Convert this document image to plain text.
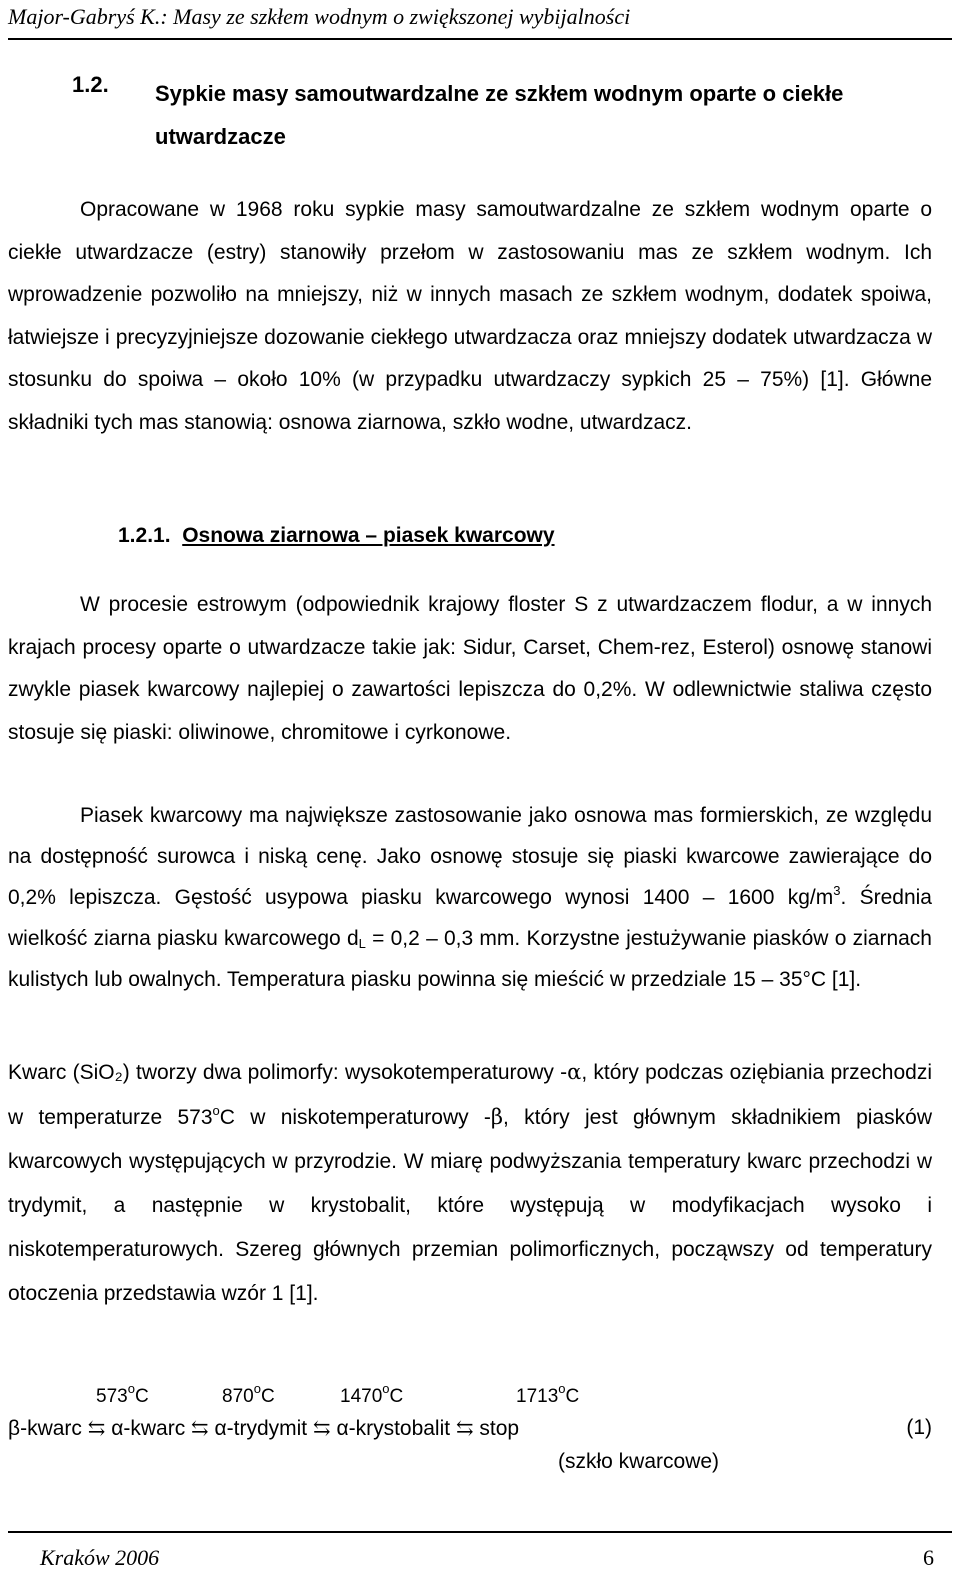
Major-Gabryś K.: Masy ze szkłem wodnym o zwiększonej wybijalności
1.2. Sypkie masy samoutwardzalne ze szkłem wodnym oparte o ciekłe utwardzacze
Opracowane w 1968 roku sypkie masy samoutwardzalne ze szkłem wodnym oparte o ciekłe utwardzacze (estry) stanowiły przełom w zastosowaniu mas ze szkłem wodnym. Ich wprowadzenie pozwoliło na mniejszy, niż w innych masach ze szkłem wodnym, dodatek spoiwa, łatwiejsze i precyzyjniejsze dozowanie ciekłego utwardzacza oraz mniejszy dodatek utwardzacza w stosunku do spoiwa – około 10% (w przypadku utwardzaczy sypkich 25 – 75%) [1]. Główne składniki tych mas stanowią: osnowa ziarnowa, szkło wodne, utwardzacz.
1.2.1. Osnowa ziarnowa – piasek kwarcowy
W procesie estrowym (odpowiednik krajowy floster S z utwardzaczem flodur, a w innych krajach procesy oparte o utwardzacze takie jak: Sidur, Carset, Chem-rez, Esterol) osnowę stanowi zwykle piasek kwarcowy najlepiej o zawartości lepiszcza do 0,2%. W odlewnictwie staliwa często stosuje się piaski: oliwinowe, chromitowe i cyrkonowe.
Piasek kwarcowy ma największe zastosowanie jako osnowa mas formierskich, ze względu na dostępność surowca i niską cenę. Jako osnowę stosuje się piaski kwarcowe zawierające do 0,2% lepiszcza. Gęstość usypowa piasku kwarcowego wynosi 1400 – 1600 $kg/m^3$. Średnia wielkość ziarna piasku kwarcowego $d_L = 0,2 - 0,3$ mm. Korzystne jestużywanie piasków o ziarnach kulistych lub owalnych. Temperatura piasku powinna się mieścić w przedziale 15 – 35°C [1].
Kwarc (SiO₂) tworzy dwa polimorfy: wysokotemperaturowy -α, który podczas oziębiania przechodzi w temperaturze 573$^o$C w niskotemperaturowy -β, który jest głównym składnikiem piasków kwarcowych występujących w przyrodzie. W miarę podwyższania temperatury kwarc przechodzi w trydymit, a następnie w krystobalit, które występują w modyfikacjach wysoko i niskotemperaturowych. Szereg głównych przemian polimorficznych, począwszy od temperatury otoczenia przedstawia wzór 1 [1].
573$^o$C	870$^o$C	1470$^o$C	1713$^o$C
β-kwarc ⇆ α-kwarc ⇆ α-trydymit ⇆ α-krystobalit ⇆ stop	(1)
(szkło kwarcowe)
Kraków 2006	6
